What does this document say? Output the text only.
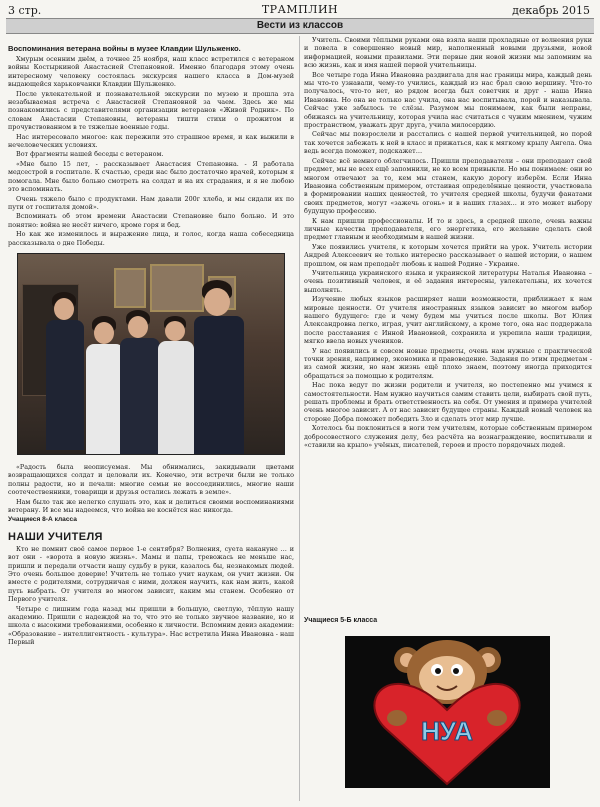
3 стр.	ТРАМПЛИН	декабрь 2015
Вести из классов
Воспоминания ветерана войны в музее Клавдии Шульженко.

Хмурым осенним днём, а точнее 25 ноября, наш класс встретился с ветераном войны Костыркиной Анастасией Степановной. Именно благодаря этому очень интересному человеку состоялась экскурсия нашего класса в Дом-музей выдающейся харьковчанки Клавдии Шульженко.

После увлекательной и познавательной экскурсии по музею и прошла эта незабываемая встреча с Анастасией Степановной за чаем. Здесь же мы познакомились с представителями организации ветеранов «Живой Родник». По словам Анастасии Степановны, ветераны тишти стихи о прожитом и прочувствованном в те тяжелые военные годы.

Нас интересовало многое: как пережили это страшное время, и как выжили в нечеловеческих условиях.

Вот фрагменты нашей беседы с ветераном.

«Мне было 15 лет, - рассказывает Анастасия Степановна. - Я работала медсестрой в госпитале. К счастью, среди нас было достаточно врачей, которым я помогала. Мне было больно смотреть на солдат и на их страдания, и я не любою это вспоминать.

Очень тяжело было с продуктами. Нам давали 200г хлеба, и мы сидали их по пути от госпиталя домой».

Вспоминать об этом времени Анастасии Степановне было больно. И это понятно: война не несёт ничего, кроме горя и бед.

Но как же изменилось и выражение лица, и голос, когда наша собеседница рассказывала о дне Победы.

«Радость была неописуемая. Мы обнимались, закидывали цветами возвращающихся солдат и целовали их. Конечно, эти встречи были не только полны радости, но и печали: многие семьи не воссоединились, многие наши соотечественники, товарищи и друзья остались лежать в земле».

Нам было так же нелегко слушать это, как и делиться своими воспоминаниями ветерану. И все мы надеемся, что война не коснётся нас никогда.

Учащиеся 8-А класса
НАШИ УЧИТЕЛЯ

Кто не помнит своё самое первое 1-е сентября? Волнения, суета накануне … и вот они - «ворота в новую жизнь». Мамы и папы, тревожась не меньше нас, пришли и передали отчасти нашу судьбу в руки, казалось бы, незнакомых людей. Это очень большое доверие! Учитель не только учит наукам, он учит жизни. Он вместе с родителями, сотрудничая с ними, должен научить, как нам жить, какой путь выбрать. От учителя во многом зависит, каким мы станем. Особенно от Первого учителя.

Четыре с лишним года назад мы пришли в большую, светлую, тёплую нашу академию. Пришли с надеждой на то, что это не только звучное название, но и школа с высокими требованиями, особенно к личности. Вспомним девиз академии: «Образование – интеллигентность - культура». Нас встретила Инна Ивановна - наш Первый

Учитель. Своими тёплыми руками она взяла наши прохладные от волнения руки и повела в совершенно новый мир, наполненный новыми друзьями, новой информацией, новыми правилами. Эти первые дни новой жизни мы запомним на всю жизнь, как и имя нашей первой учительницы.

Все четыре года Инна Ивановна раздвигала для нас границы мира, каждый день мы что-то узнавали, чему-то учились, каждый из нас брал свою вершину. Что-то получалось, что-то нет, но рядом всегда был советчик и друг - наша Инна Ивановна. Но она не только нас учила, она нас воспитывала, порой и наказывала. Сейчас уже забылось те слёзы. Разумом мы понимаем, как были неправы, обижаясь на учительницу, которая учила нас считаться с чужим мнением, чужим пространством, уважать друг друга, учила милосердию.

Сейчас мы повзрослели и расстались с нашей первой учительницей, но порой так хочется забежать к ней в класс и прижаться, как к мягкому крылу Ангела. Она ведь всегда поможет, подскажет…

Сейчас всё немного облегчилось. Пришли преподаватели – они преподают свой предмет, мы не всех ещё запомнили, не ко всем привыкли. Но мы понимаем: они во многом отвечают за то, кем мы станем, какую дорогу изберём. Если Инна Ивановна собственным примером, отстаивая определённые ценности, участвовала в формировании наших ценностей, то учителя средней школы, будучи фанатами своих предметов, могут «зажечь огонь» и в наших глазах… и это может выбору будущую профессию.

К нам пришли профессионалы. И то и здесь, в средней школе, очень важны личные качества преподавателя, его энергетика, его желание сделать свой предмет главным и необходимым в нашей жизни.

Уже появились учителя, к которым хочется прийти на урок. Учитель истории Андрей Алексеевич не только интересно рассказывает о нашей истории, о нашем прошлом, он нам преподаёт любовь к нашей Родине - Украине.

Учительница украинского языка и украинской литературы Наталья Ивановна – очень позитивный человек, и её задания интересны, увлекательны, их хочется выполнять.

Изучение любых языков расширяет наши возможности, приближает к нам мировые ценности. От учителя иностранных языков зависит во многом выбор нашего будущего: где и чему будем мы учиться после школы. Вот Юлия Александровна легко, играя, учит английскому, а кроме того, она нас поддержала после расставания с Инной Ивановной, сохранила и укрепила наши традиции, мягко ввела новых учеников.

У нас появились и совсем новые предметы, очень нам нужные с практической точки зрения, например, экономика и правоведение. Задания по этим предметам - из самой жизни, но нам жизнь ещё плохо знаем, поэтому иногда приходится обращаться за помощью к родителям.

Нас пока ведут по жизни родители и учителя, но постепенно мы учимся к самостоятельности. Нам нужно научиться самим ставить цели, выбирать свой путь, решать проблемы и брать ответственность на себя. От умения и примера учителей очень многое зависит. А от нас зависит будущее страны. Каждый новый человек на стороне Добра поможет победить Зло и сделать этот мир лучше.

Хотелось бы поклониться в ноги тем учителям, которые собственным примером добросовестного служения делу, без расчёта на вознаграждение, воспитывали и «ставили на крыло» учёных, писателей, героев и просто порядочных людей.

Учащиеся 5-Б класса
НУА
